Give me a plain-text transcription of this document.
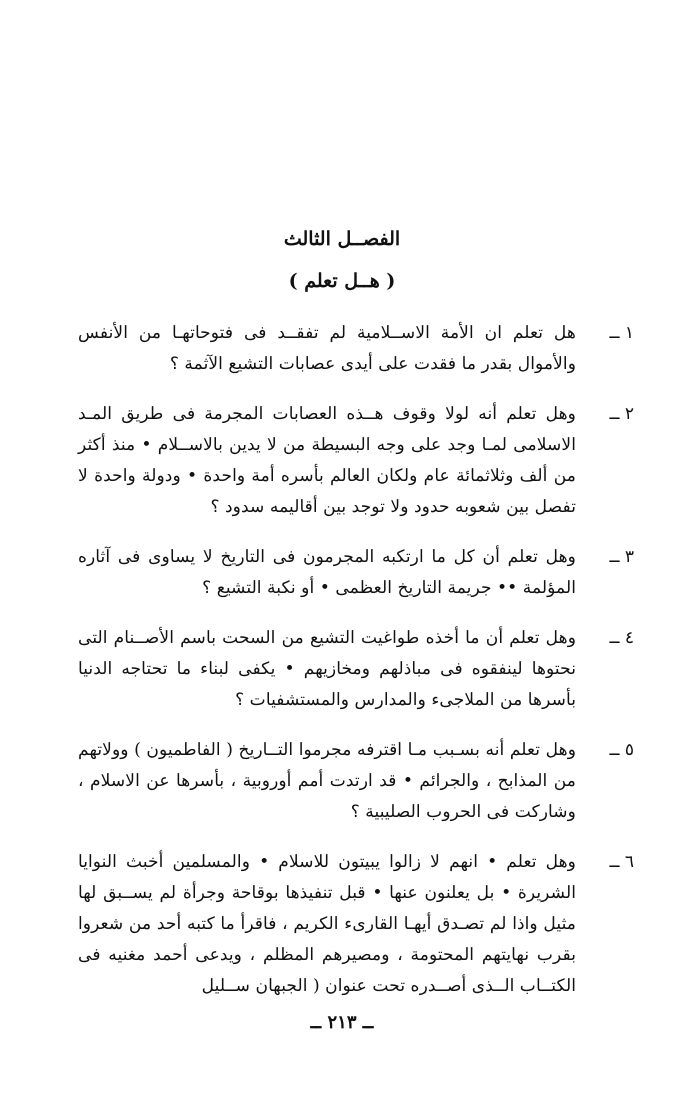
الفصــل الثالث
( هــل تعلم )
١ ــ

هل تعلم ان الأمة الاســلامية لم تفقــد فى فتوحاتهـا من الأنفس والأموال بقدر ما فقدت على أيدى عصابات التشيع الآثمة ؟

٢ ــ

وهل تعلم أنه لولا وقوف هــذه العصابات المجرمة فى طريق المـد الاسلامى لمـا وجد على وجه البسيطة من لا يدين بالاســلام • منذ أكثر من ألف وثلاثمائة عام ولكان العالم بأسره أمة واحدة • ودولة واحدة لا تفصل بين شعوبه حدود ولا توجد بين أقاليمه سدود ؟

٣ ــ

وهل تعلم أن كل ما ارتكبه المجرمون فى التاريخ لا يساوى فى آثاره المؤلمة •• جريمة التاريخ العظمى • أو نكبة التشيع ؟

٤ ــ

وهل تعلم أن ما أخذه طواغيت التشيع من السحت باسم الأصــنام التى نحتوها لينفقوه فى مباذلهم ومخازيهم • يكفى لبناء ما تحتاجه الدنيا بأسرها من الملاجىء والمدارس والمستشفيات ؟

٥ ــ

وهل تعلم أنه بسـبب مـا اقترفه مجرموا التــاريخ ( الفاطميون ) وولاتهم من المذابح ، والجرائم • قد ارتدت أمم أوروبية ، بأسرها عن الاسلام ، وشاركت فى الحروب الصليبية ؟

٦ ــ

وهل تعلم • انهم لا زالوا يبيتون للاسلام • والمسلمين أخبث النوايا الشريرة • بل يعلنون عنها • قبل تنفيذها بوقاحة وجرأة لم يســبق لها مثيل واذا لم تصـدق أيهـا القارىء الكريم ، فاقرأ ما كتبه أحد من شعروا بقرب نهايتهم المحتومة ، ومصيرهم المظلم ، ويدعى أحمد مغنيه فى الكتــاب الــذى أصــدره تحت عنوان ( الجبهان ســليل

ــ ٢١٣ ــ
